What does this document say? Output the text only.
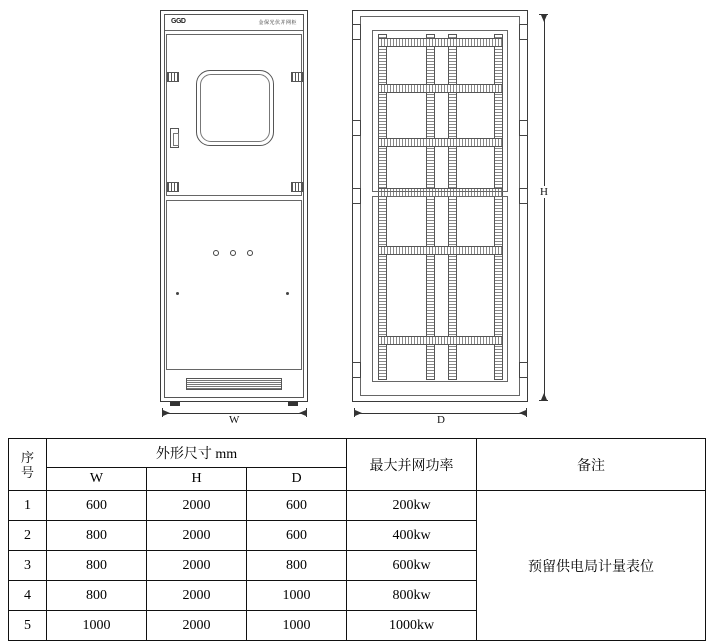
GGD	金保光伏并网柜
W
H
D
序
号	外形尺寸 mm			最大并网功率	备注
	W	H	D		
1	600	2000	600	200kw	预留供电局计量表位
2	800	2000	600	400kw	
3	800	2000	800	600kw	
4	800	2000	1000	800kw	
5	1000	2000	1000	1000kw	
